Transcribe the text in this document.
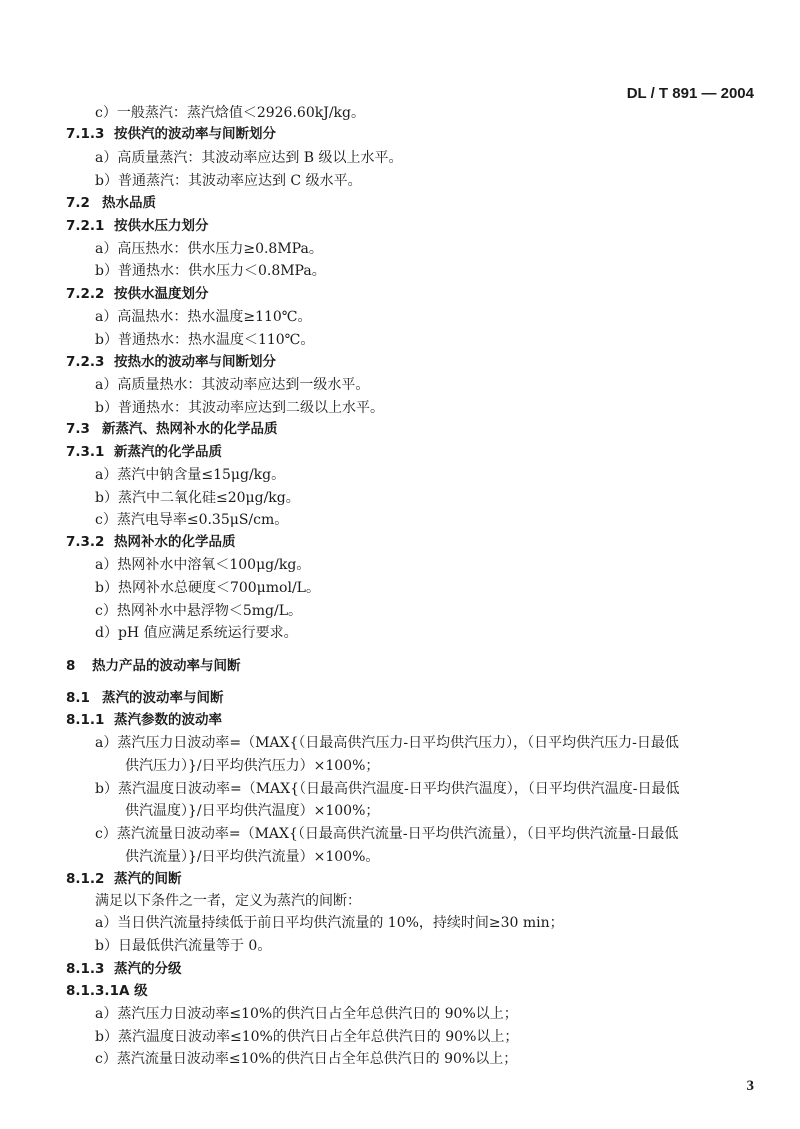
DL / T 891 — 2004
c）一般蒸汽：蒸汽焓值＜2926.60kJ/kg。
7.1.3 按供汽的波动率与间断划分
a）高质量蒸汽：其波动率应达到 B 级以上水平。
b）普通蒸汽：其波动率应达到 C 级水平。
7.2 热水品质
7.2.1 按供水压力划分
a）高压热水：供水压力≥0.8MPa。
b）普通热水：供水压力＜0.8MPa。
7.2.2 按供水温度划分
a）高温热水：热水温度≥110℃。
b）普通热水：热水温度＜110℃。
7.2.3 按热水的波动率与间断划分
a）高质量热水：其波动率应达到一级水平。
b）普通热水：其波动率应达到二级以上水平。
7.3 新蒸汽、热网补水的化学品质
7.3.1 新蒸汽的化学品质
a）蒸汽中钠含量≤15μg/kg。
b）蒸汽中二氧化硅≤20μg/kg。
c）蒸汽电导率≤0.35μS/cm。
7.3.2 热网补水的化学品质
a）热网补水中溶氧＜100μg/kg。
b）热网补水总硬度＜700μmol/L。
c）热网补水中悬浮物＜5mg/L。
d）pH 值应满足系统运行要求。
8 热力产品的波动率与间断
8.1 蒸汽的波动率与间断
8.1.1 蒸汽参数的波动率
a）蒸汽压力日波动率=（MAX{（日最高供汽压力-日平均供汽压力），（日平均供汽压力-日最低
供汽压力）}/日平均供汽压力）×100%；
b）蒸汽温度日波动率=（MAX{（日最高供汽温度-日平均供汽温度），（日平均供汽温度-日最低
供汽温度）}/日平均供汽温度）×100%；
c）蒸汽流量日波动率=（MAX{（日最高供汽流量-日平均供汽流量），（日平均供汽流量-日最低
供汽流量）}/日平均供汽流量）×100%。
8.1.2 蒸汽的间断
满足以下条件之一者，定义为蒸汽的间断：
a）当日供汽流量持续低于前日平均供汽流量的 10%，持续时间≥30 min；
b）日最低供汽流量等于 0。
8.1.3 蒸汽的分级
8.1.3.1A 级
a）蒸汽压力日波动率≤10%的供汽日占全年总供汽日的 90%以上；
b）蒸汽温度日波动率≤10%的供汽日占全年总供汽日的 90%以上；
c）蒸汽流量日波动率≤10%的供汽日占全年总供汽日的 90%以上；
3
